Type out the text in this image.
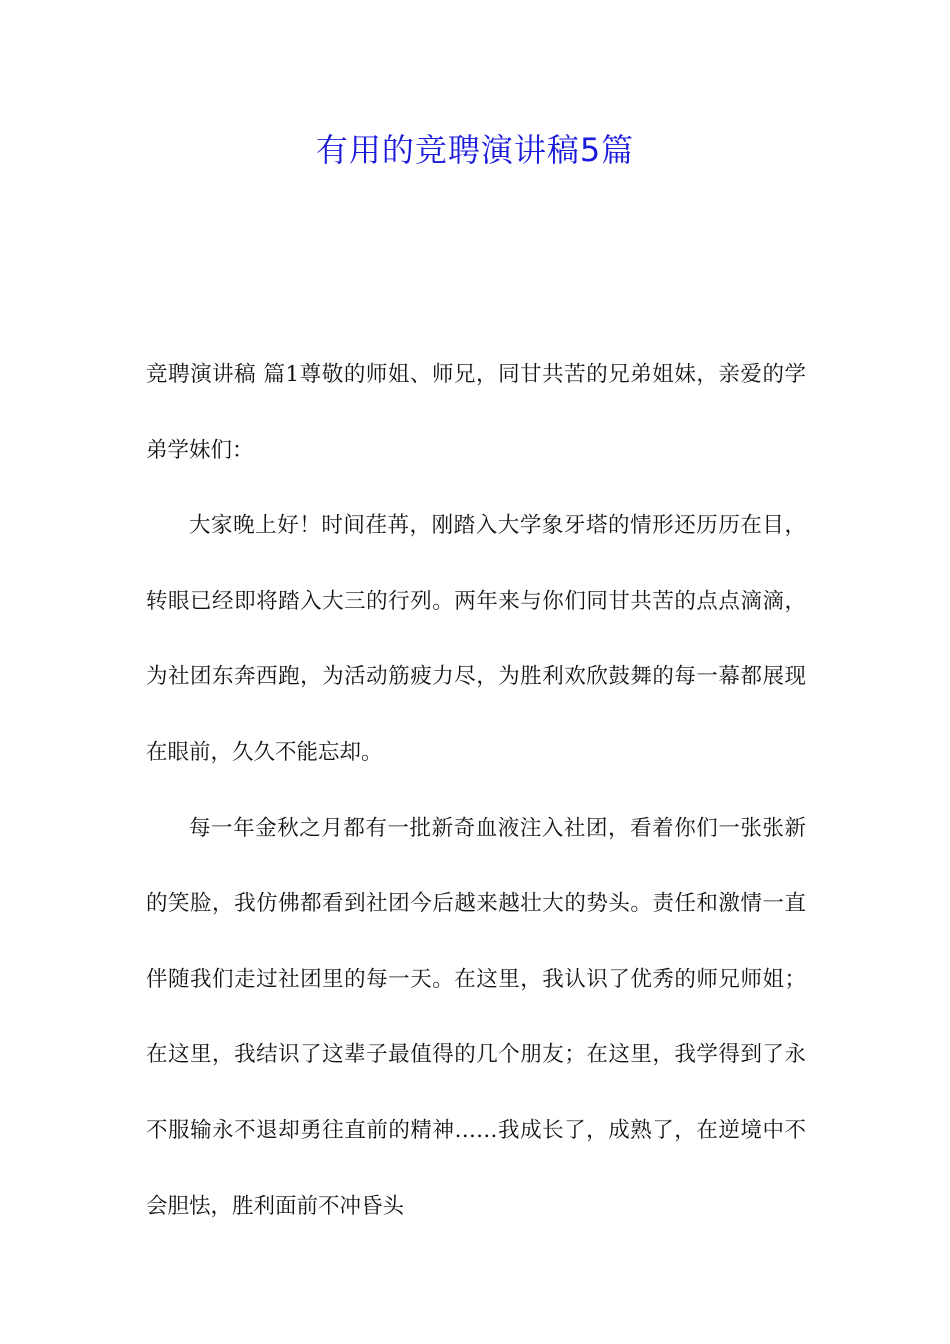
有用的竞聘演讲稿5篇

竞聘演讲稿 篇1尊敬的师姐、师兄，同甘共苦的兄弟姐妹，亲爱的学弟学妹们：

大家晚上好！时间荏苒，刚踏入大学象牙塔的情形还历历在目，转眼已经即将踏入大三的行列。两年来与你们同甘共苦的点点滴滴，为社团东奔西跑，为活动筋疲力尽，为胜利欢欣鼓舞的每一幕都展现在眼前，久久不能忘却。

每一年金秋之月都有一批新奇血液注入社团，看着你们一张张新的笑脸，我仿佛都看到社团今后越来越壮大的势头。责任和激情一直伴随我们走过社团里的每一天。在这里，我认识了优秀的师兄师姐；在这里，我结识了这辈子最值得的几个朋友；在这里，我学得到了永不服输永不退却勇往直前的精神……我成长了，成熟了，在逆境中不会胆怯，胜利面前不冲昏头
